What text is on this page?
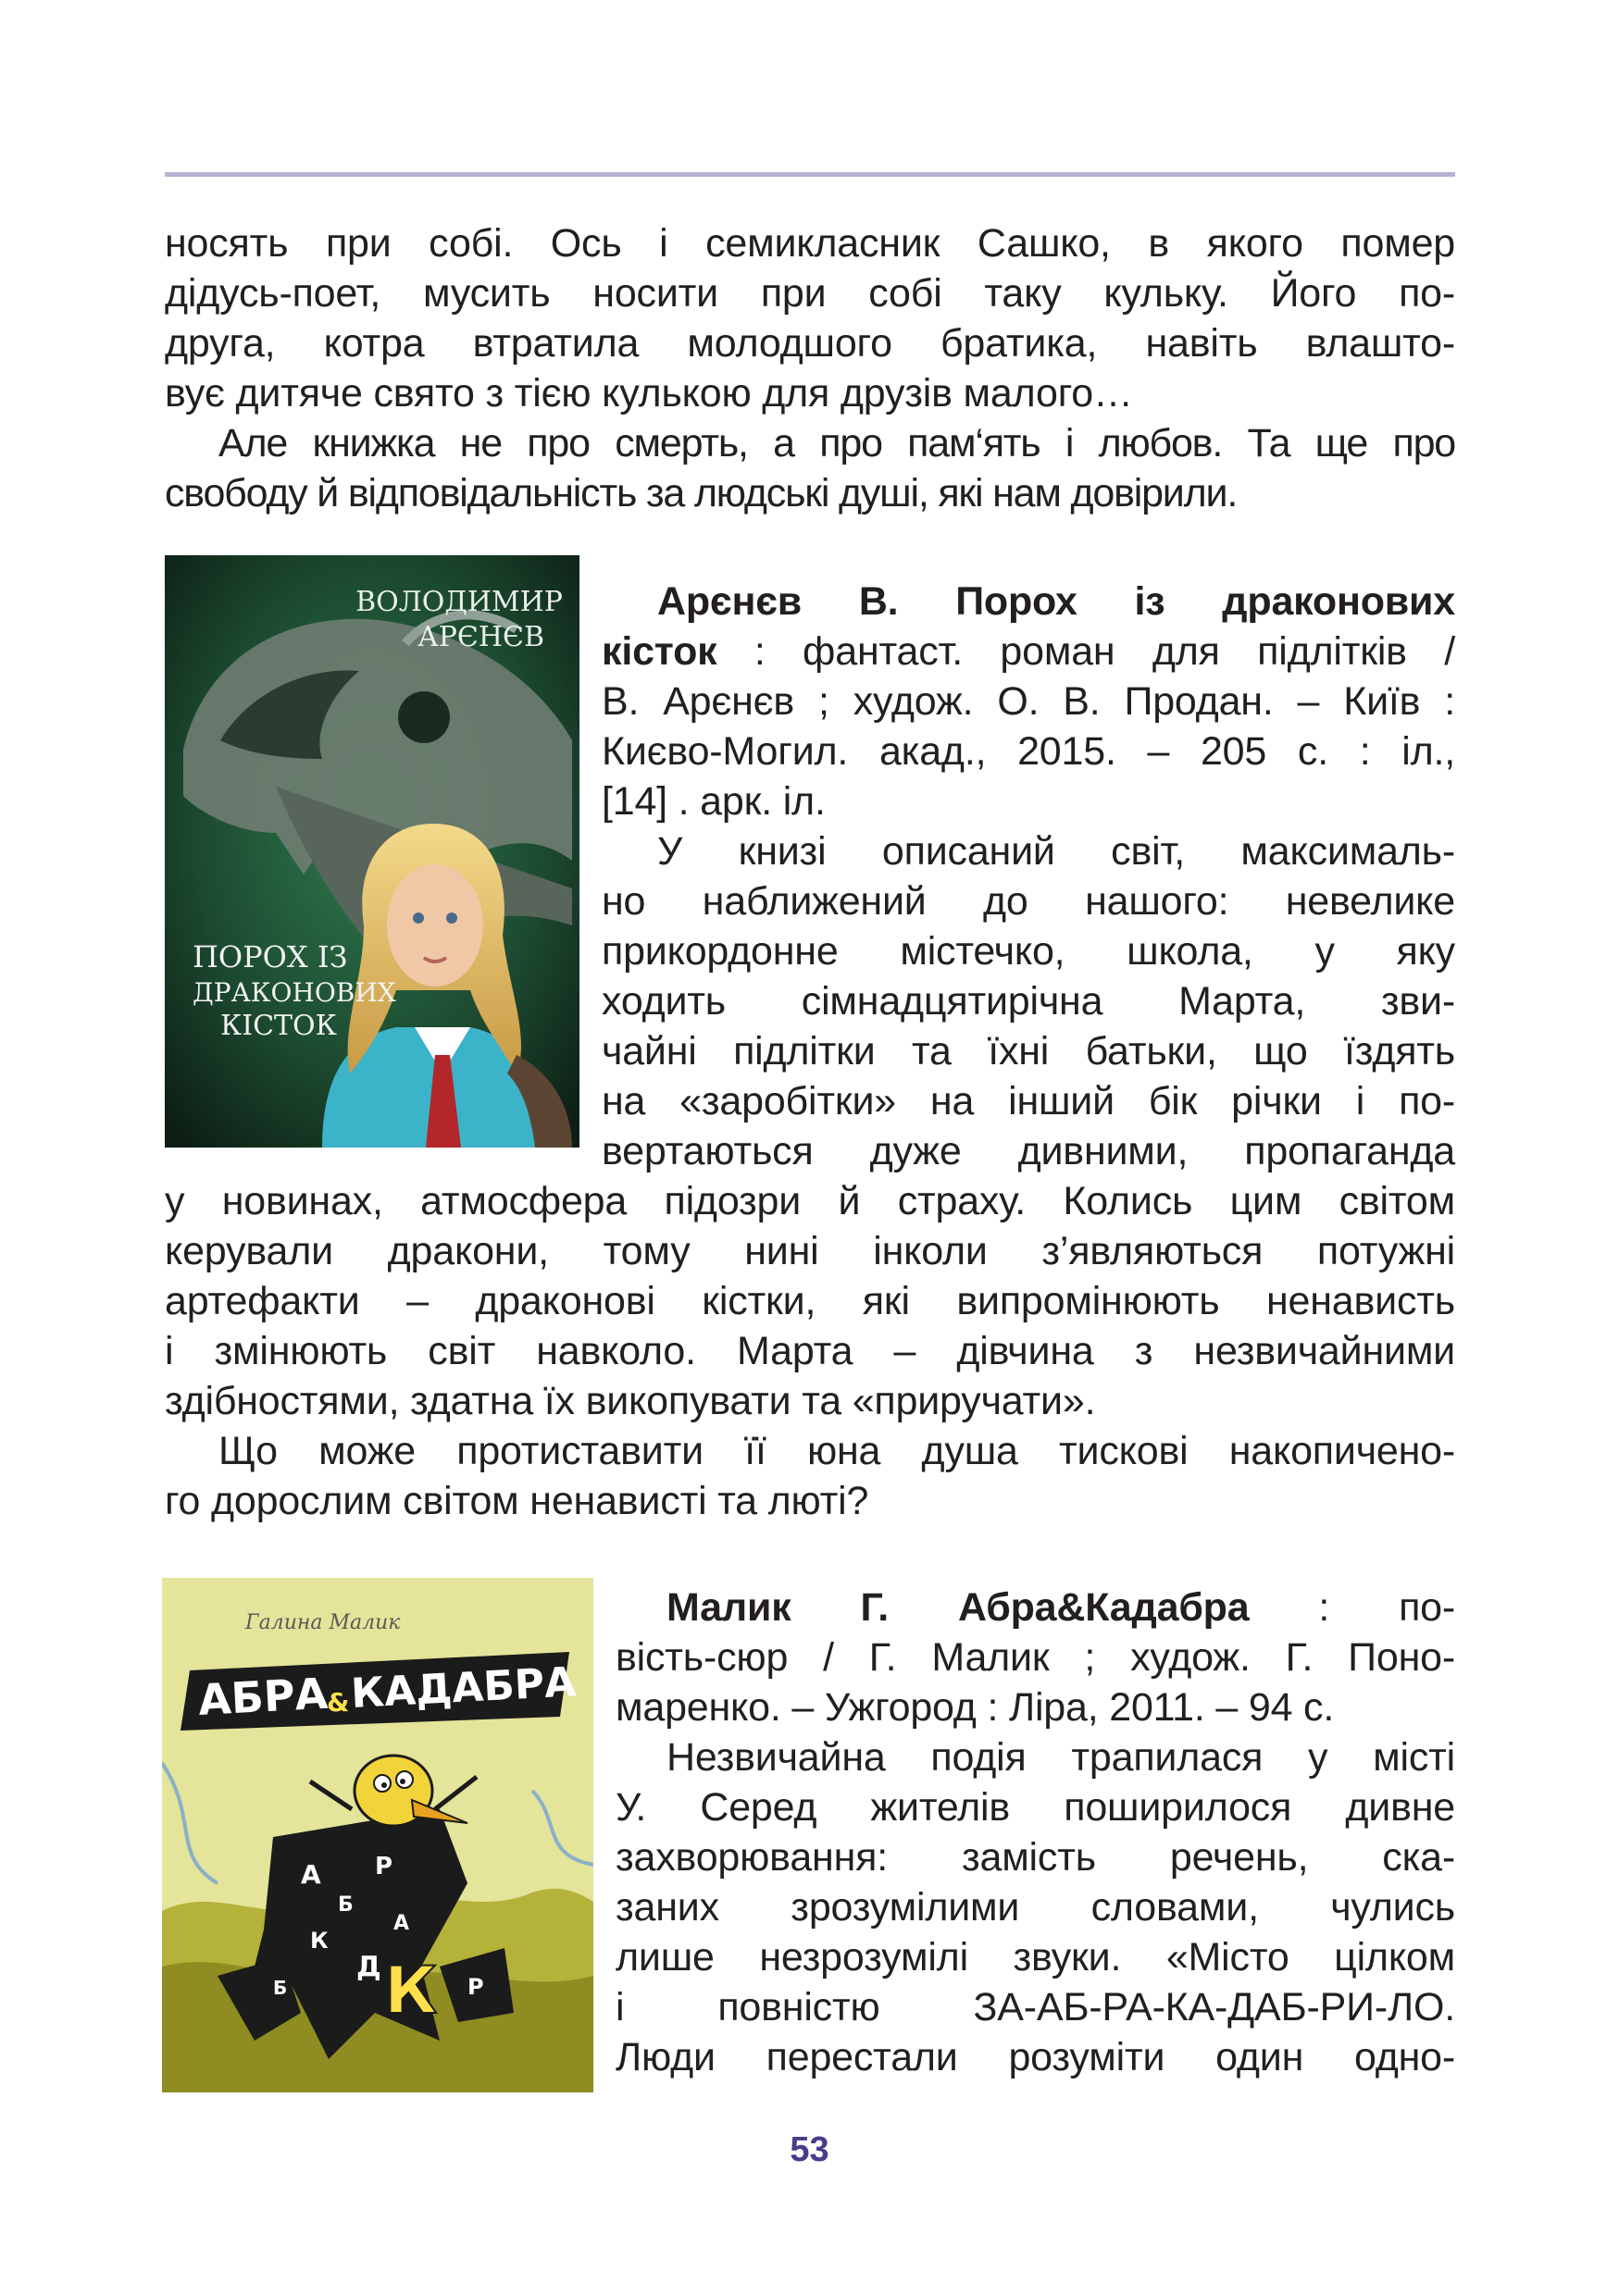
носять при собі. Ось і семикласник Сашко, в якого помер
дідусь-поет, мусить носити при собі таку кульку. Його по-
друга, котра втратила молодшого братика, навіть влашто-
вує дитяче свято з тією кулькою для друзів малого…
Але книжка не про смерть, а про пам‘ять і любов. Та ще про
свободу й відповідальність за людські душі, які нам довірили.
ВОЛОДИМИР
АРЄНЄВ
ПОРОХ ІЗ
ДРАКОНОВИХ
КІСТОК
Арєнєв В. Порох із драконових
кісток : фантаст. роман для підлітків /
В. Арєнєв ; худож. О. В. Продан. – Київ :
Києво-Могил. акад., 2015. – 205 с. : іл.,
[14] . арк. іл.
У книзі описаний світ, максималь-
но наближений до нашого: невелике
прикордонне містечко, школа, у яку
ходить сімнадцятирічна Марта, зви-
чайні підлітки та їхні батьки, що їздять
на «заробітки» на інший бік річки і по-
вертаються дуже дивними, пропаганда
у новинах, атмосфера підозри й страху. Колись цим світом
керували дракони, тому нині інколи з’являються потужні
артефакти – драконові кістки, які випромінюють ненависть
і змінюють світ навколо. Марта – дівчина з незвичайними
здібностями, здатна їх викопувати та «приручати».
Що може протиставити її юна душа тискові накопичено-
го дорослим світом ненависті та люті?
Галина Малик
АБРА
& КАДАБРА
А
Б
Р
К
Д
А
Б	Р
К
Малик Г. Абра&Кадабра : по-
вість-сюр / Г. Малик ; худож. Г. Поно-
маренко. – Ужгород : Ліра, 2011. – 94 с.
Незвичайна подія трапилася у місті
У. Серед жителів поширилося дивне
захворювання: замість речень, ска-
заних зрозумілими словами, чулись
лише незрозумілі звуки. «Місто цілком
і повністю ЗА-АБ-РА-КА-ДАБ-РИ-ЛО.
Люди перестали розуміти один одно-
53
